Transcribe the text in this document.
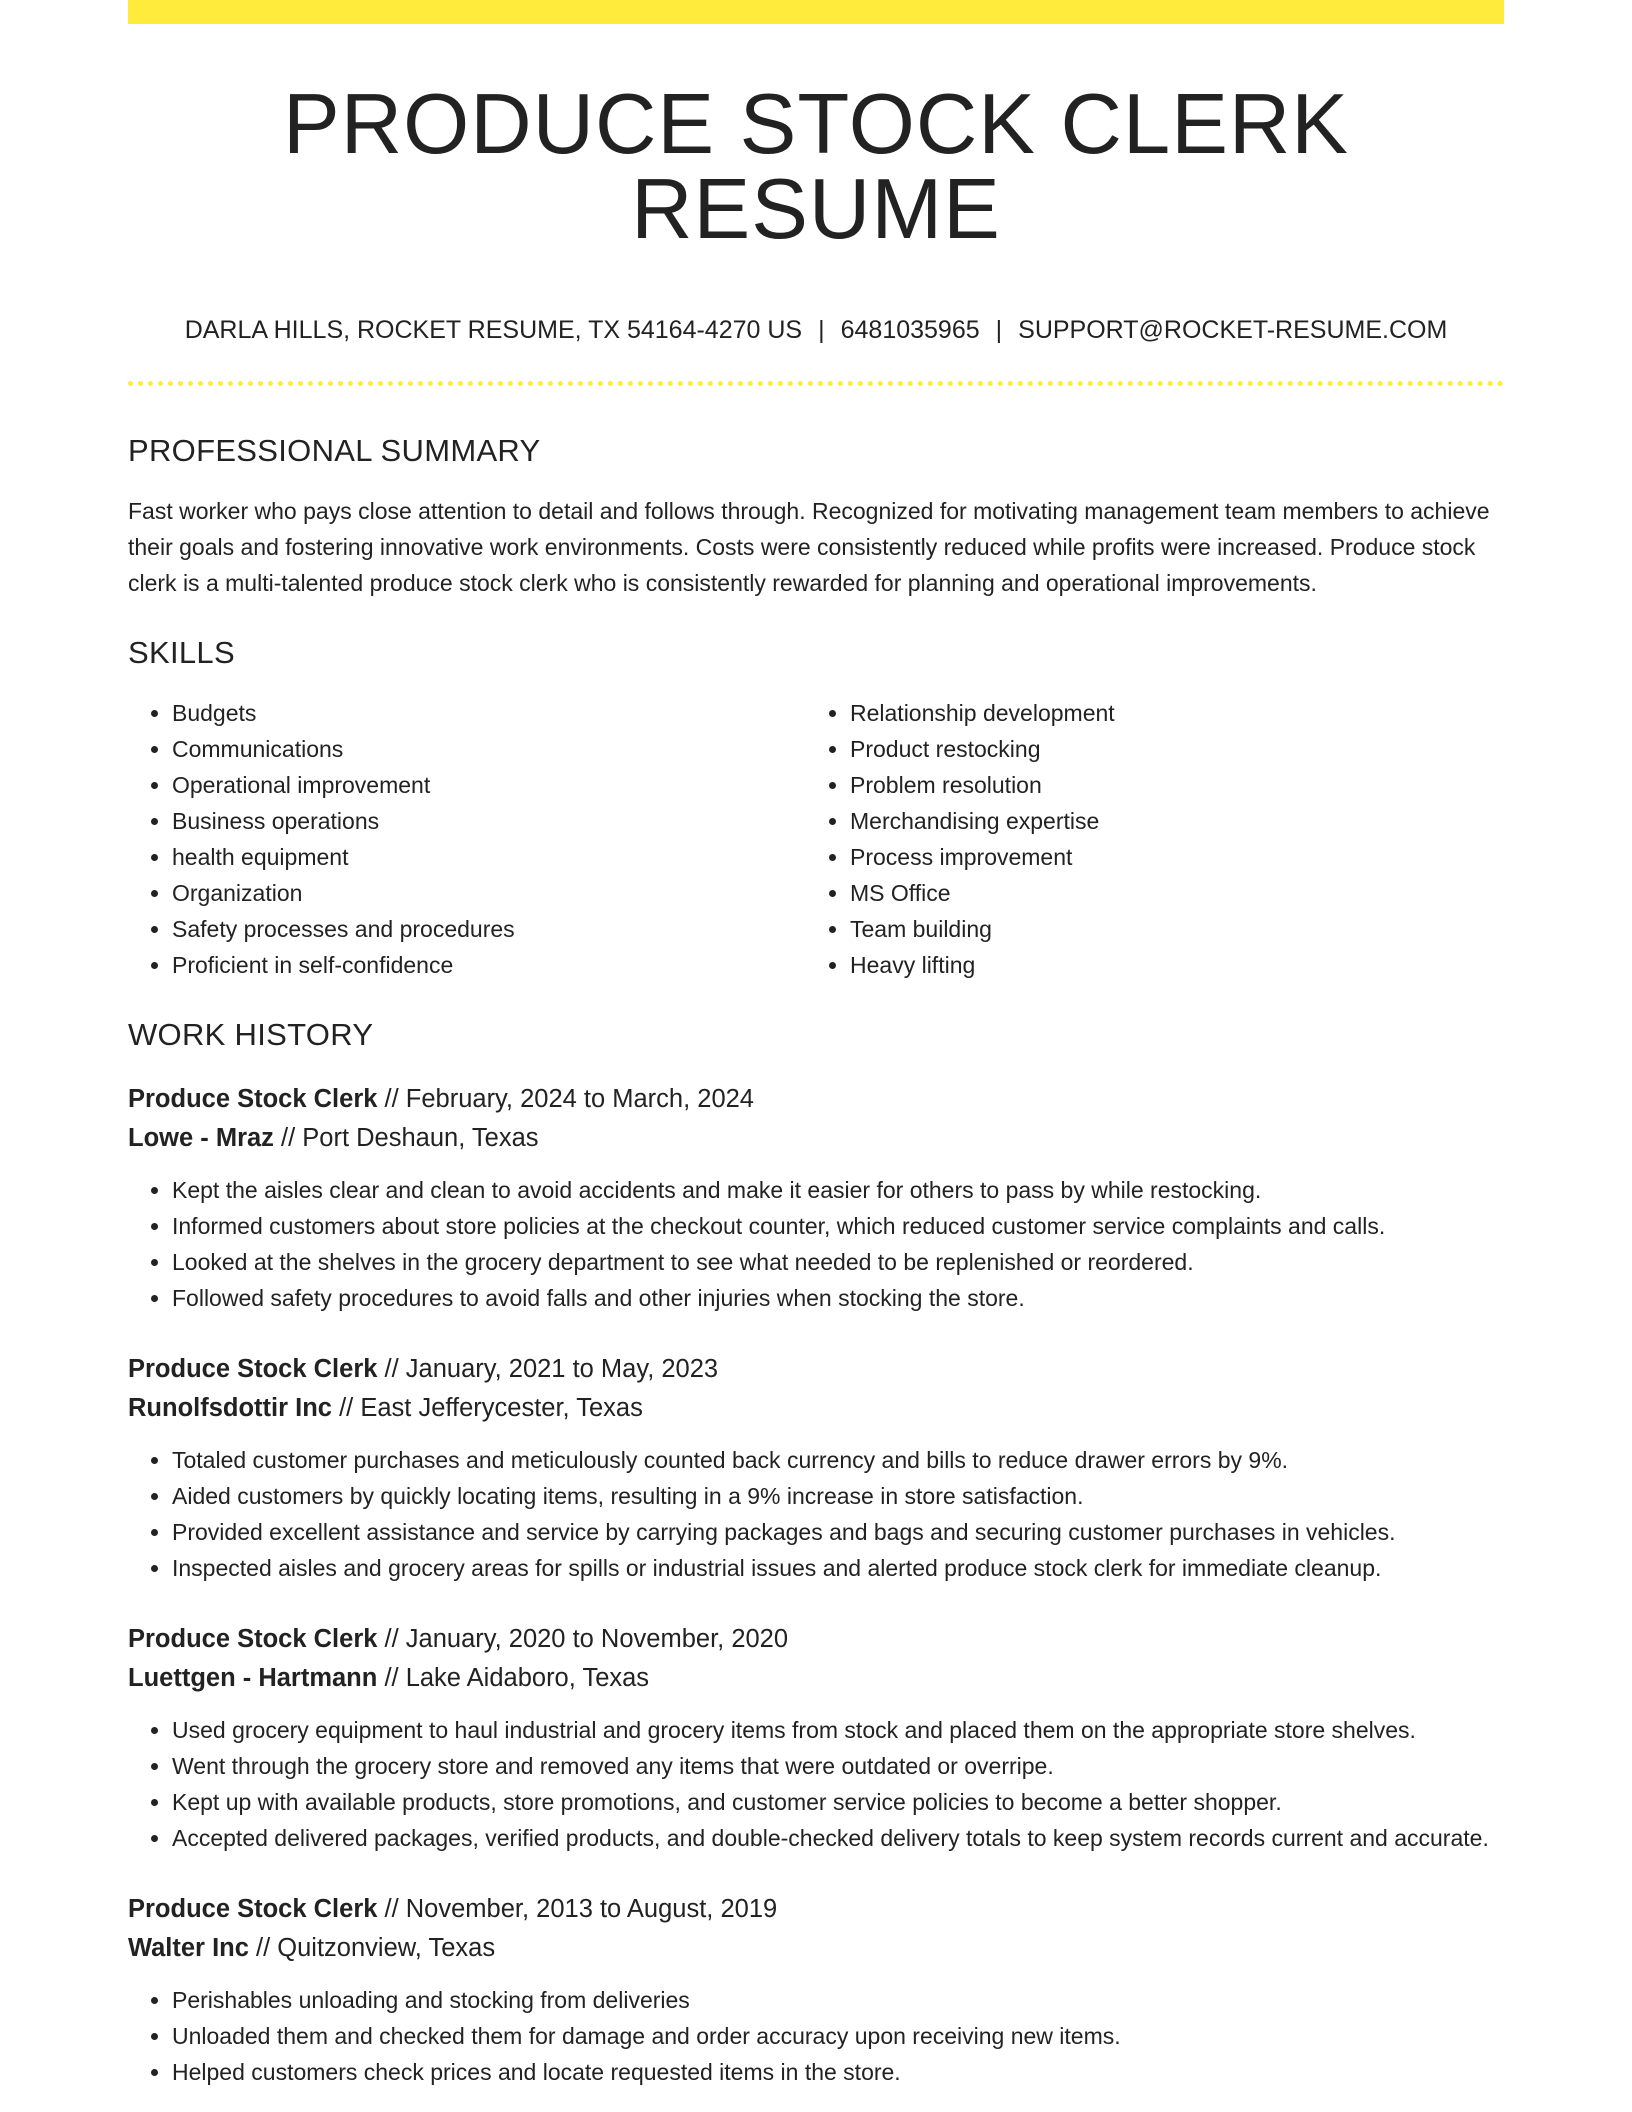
PRODUCE STOCK CLERK RESUME
DARLA HILLS, ROCKET RESUME, TX 54164-4270 US | 6481035965 | SUPPORT@ROCKET-RESUME.COM
PROFESSIONAL SUMMARY
Fast worker who pays close attention to detail and follows through. Recognized for motivating management team members to achieve their goals and fostering innovative work environments. Costs were consistently reduced while profits were increased. Produce stock clerk is a multi-talented produce stock clerk who is consistently rewarded for planning and operational improvements.
SKILLS
• Budgets
• Communications
• Operational improvement
• Business operations
• health equipment
• Organization
• Safety processes and procedures
• Proficient in self-confidence
• Relationship development
• Product restocking
• Problem resolution
• Merchandising expertise
• Process improvement
• MS Office
• Team building
• Heavy lifting
WORK HISTORY
Produce Stock Clerk // February, 2024 to March, 2024
Lowe - Mraz // Port Deshaun, Texas
• Kept the aisles clear and clean to avoid accidents and make it easier for others to pass by while restocking.
• Informed customers about store policies at the checkout counter, which reduced customer service complaints and calls.
• Looked at the shelves in the grocery department to see what needed to be replenished or reordered.
• Followed safety procedures to avoid falls and other injuries when stocking the store.
Produce Stock Clerk // January, 2021 to May, 2023
Runolfsdottir Inc // East Jefferycester, Texas
• Totaled customer purchases and meticulously counted back currency and bills to reduce drawer errors by 9%.
• Aided customers by quickly locating items, resulting in a 9% increase in store satisfaction.
• Provided excellent assistance and service by carrying packages and bags and securing customer purchases in vehicles.
• Inspected aisles and grocery areas for spills or industrial issues and alerted produce stock clerk for immediate cleanup.
Produce Stock Clerk // January, 2020 to November, 2020
Luettgen - Hartmann // Lake Aidaboro, Texas
• Used grocery equipment to haul industrial and grocery items from stock and placed them on the appropriate store shelves.
• Went through the grocery store and removed any items that were outdated or overripe.
• Kept up with available products, store promotions, and customer service policies to become a better shopper.
• Accepted delivered packages, verified products, and double-checked delivery totals to keep system records current and accurate.
Produce Stock Clerk // November, 2013 to August, 2019
Walter Inc // Quitzonview, Texas
• Perishables unloading and stocking from deliveries
• Unloaded them and checked them for damage and order accuracy upon receiving new items.
• Helped customers check prices and locate requested items in the store.
